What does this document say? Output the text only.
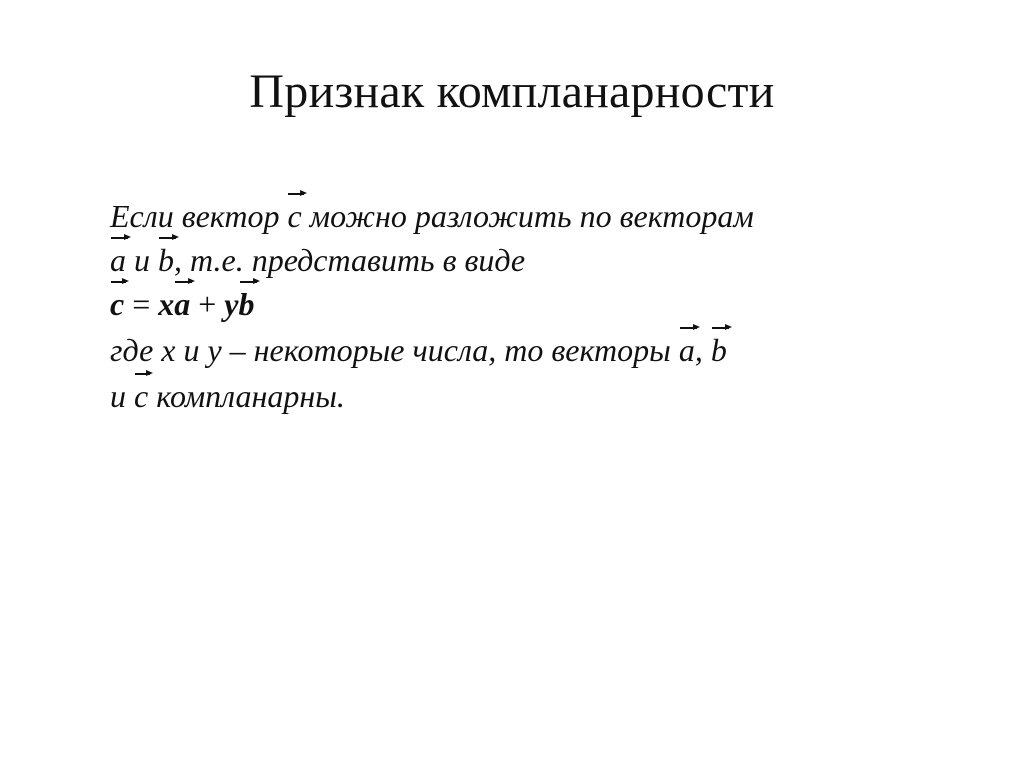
Признак компланарности
Если вектор c можно разложить по векторам
a и b, т.е. представить в виде
c = xa + yb
где x и y – некоторые числа, то векторы a, b
и c компланарны.
